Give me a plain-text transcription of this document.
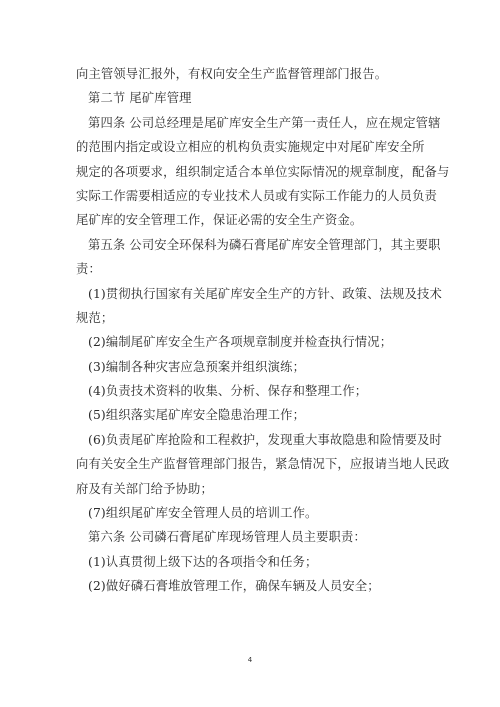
向主管领导汇报外，有权向安全生产监督管理部门报告。
第二节 尾矿库管理
第四条 公司总经理是尾矿库安全生产第一责任人，应在规定管辖
的范围内指定或设立相应的机构负责实施规定中对尾矿库安全所
规定的各项要求，组织制定适合本单位实际情况的规章制度，配备与
实际工作需要相适应的专业技术人员或有实际工作能力的人员负责
尾矿库的安全管理工作，保证必需的安全生产资金。
第五条 公司安全环保科为磷石膏尾矿库安全管理部门，其主要职
责：
(1)贯彻执行国家有关尾矿库安全生产的方针、政策、法规及技术
规范；
(2)编制尾矿库安全生产各项规章制度并检查执行情况；
(3)编制各种灾害应急预案并组织演练；
(4)负责技术资料的收集、分析、保存和整理工作；
(5)组织落实尾矿库安全隐患治理工作；
(6)负责尾矿库抢险和工程救护，发现重大事故隐患和险情要及时
向有关安全生产监督管理部门报告，紧急情况下，应报请当地人民政
府及有关部门给予协助；
(7)组织尾矿库安全管理人员的培训工作。
第六条 公司磷石膏尾矿库现场管理人员主要职责：
(1)认真贯彻上级下达的各项指令和任务；
(2)做好磷石膏堆放管理工作，确保车辆及人员安全；
4
